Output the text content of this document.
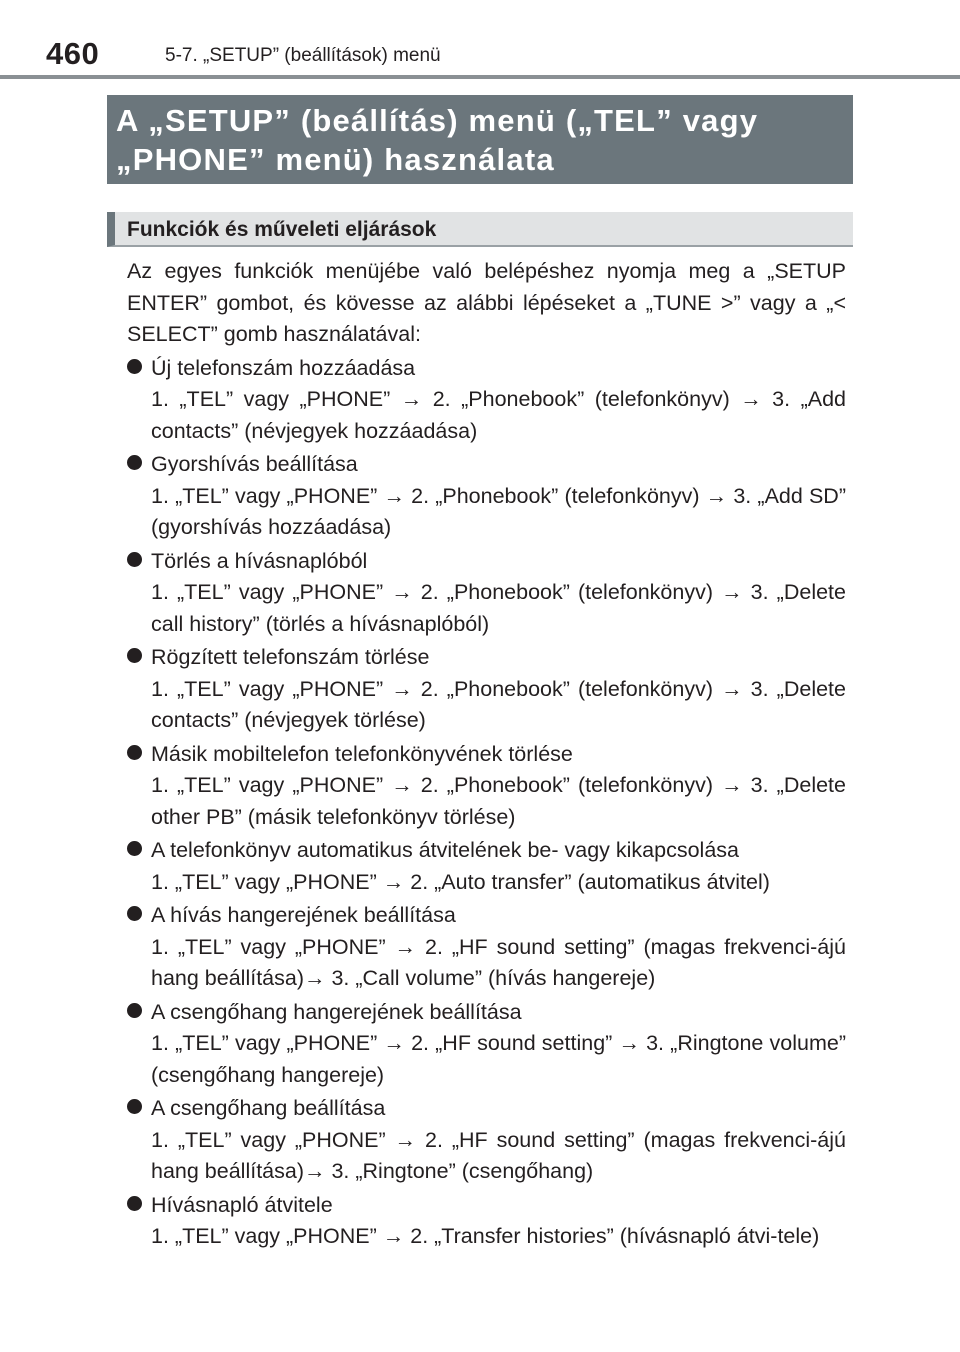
460	5-7. „SETUP” (beállítások) menü
A „SETUP” (beállítás) menü („TEL” vagy „PHONE” menü) használata
Funkciók és műveleti eljárások

Az egyes funkciók menüjébe való belépéshez nyomja meg a „SETUP ENTER” gombot, és kövesse az alábbi lépéseket a „TUNE >” vagy a „< SELECT” gomb használatával:

Új telefonszám hozzáadása
1. „TEL” vagy „PHONE” → 2. „Phonebook” (telefonkönyv) → 3. „Add contacts” (névjegyek hozzáadása)
Gyorshívás beállítása
1. „TEL” vagy „PHONE” → 2. „Phonebook” (telefonkönyv) → 3. „Add SD” (gyorshívás hozzáadása)
Törlés a hívásnaplóból
1. „TEL” vagy „PHONE” → 2. „Phonebook” (telefonkönyv) → 3. „Delete call history” (törlés a hívásnaplóból)
Rögzített telefonszám törlése
1. „TEL” vagy „PHONE” → 2. „Phonebook” (telefonkönyv) → 3. „Delete contacts” (névjegyek törlése)
Másik mobiltelefon telefonkönyvének törlése
1. „TEL” vagy „PHONE” → 2. „Phonebook” (telefonkönyv) → 3. „Delete other PB” (másik telefonkönyv törlése)
A telefonkönyv automatikus átvitelének be- vagy kikapcsolása
1. „TEL” vagy „PHONE” → 2. „Auto transfer” (automatikus átvitel)
A hívás hangerejének beállítása
1. „TEL” vagy „PHONE” → 2. „HF sound setting” (magas frekvenci-ájú hang beállítása)→ 3. „Call volume” (hívás hangereje)
A csengőhang hangerejének beállítása
1. „TEL” vagy „PHONE” → 2. „HF sound setting” → 3. „Ringtone volume” (csengőhang hangereje)
A csengőhang beállítása
1. „TEL” vagy „PHONE” → 2. „HF sound setting” (magas frekvenci-ájú hang beállítása)→ 3. „Ringtone” (csengőhang)
Hívásnapló átvitele
1. „TEL” vagy „PHONE” → 2. „Transfer histories” (hívásnapló átvi-tele)
